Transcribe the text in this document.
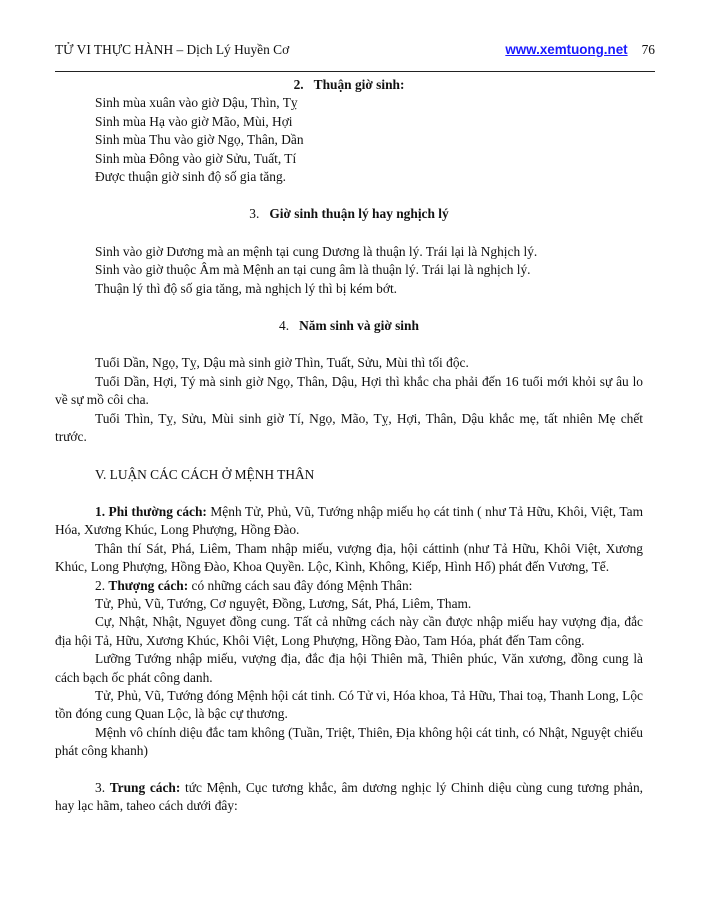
TỬ VI THỰC HÀNH – Dịch Lý Huyền Cơ	www.xemtuong.net 76

2. Thuận giờ sinh:

Sinh mùa xuân vào giờ Dậu, Thìn, Tỵ

Sinh mùa Hạ vào giờ Mão, Mùi, Hợi

Sinh mùa Thu vào giờ Ngọ, Thân, Dần

Sinh mùa Đông vào giờ Sửu, Tuất, Tí

Được thuận giờ sinh độ số gia tăng.

3. Giờ sinh thuận lý hay nghịch lý

Sinh vào giờ Dương mà an mệnh tại cung Dương là thuận lý. Trái lại là Nghịch lý.

Sinh vào giờ thuộc Âm mà Mệnh an tại cung âm là thuận lý. Trái lại là nghịch lý.

Thuận lý thì độ số gia tăng, mà nghịch lý thì bị kém bớt.

4. Năm sinh và giờ sinh

Tuổi Dần, Ngọ, Tỵ, Dậu mà sinh giờ Thìn, Tuất, Sửu, Mùi thì tối độc.

Tuổi Dần, Hợi, Tý mà sinh giờ Ngọ, Thân, Dậu, Hợi thì khắc cha phải đến 16 tuổi mới khỏi sự âu lo về sự mồ côi cha.

Tuổi Thìn, Tỵ, Sửu, Mùi sinh giờ Tí, Ngọ, Mão, Tỵ, Hợi, Thân, Dậu khắc mẹ, tất nhiên Mẹ chết trước.

V. LUẬN CÁC CÁCH Ở MỆNH THÂN

1. Phi thường cách: Mệnh Tử, Phủ, Vũ, Tướng nhập miếu họ cát tinh ( như Tả Hữu, Khôi, Việt, Tam Hóa, Xương Khúc, Long Phượng, Hồng Đào.

Thân thí Sát, Phá, Liêm, Tham nhập miếu, vượng địa, hội cáttinh (như Tả Hữu, Khôi Việt, Xương Khúc, Long Phượng, Hồng Đào, Khoa Quyền. Lộc, Kình, Không, Kiếp, Hình Hổ) phát đến Vương, Tể.

2. Thượng cách: có những cách sau đây đóng Mệnh Thân:

Tử, Phủ, Vũ, Tướng, Cơ nguyệt, Đồng, Lương, Sát, Phá, Liêm, Tham.

Cự, Nhật, Nhật, Nguyet đồng cung. Tất cả những cách này cần được nhập miếu hay vượng địa, đắc địa hội Tả, Hữu, Xương Khúc, Khôi Việt, Long Phượng, Hồng Đào, Tam Hóa, phát đến Tam công.

Lưỡng Tướng nhập miếu, vượng địa, đắc địa hội Thiên mã, Thiên phúc, Văn xương, đồng cung là cách bạch ốc phát công danh.

Tử, Phủ, Vũ, Tướng đóng Mệnh hội cát tinh. Có Tử vi, Hóa khoa, Tả Hữu, Thai toạ, Thanh Long, Lộc tồn đóng cung Quan Lộc, là bậc cự thương.

Mệnh vô chính diệu đắc tam không (Tuần, Triệt, Thiên, Địa không hội cát tinh, có Nhật, Nguyệt chiếu phát công khanh)

3. Trung cách: tức Mệnh, Cục tương khắc, âm dương nghịc lý Chinh diệu cùng cung tương phản, hay lạc hãm, taheo cách dưới đây:
